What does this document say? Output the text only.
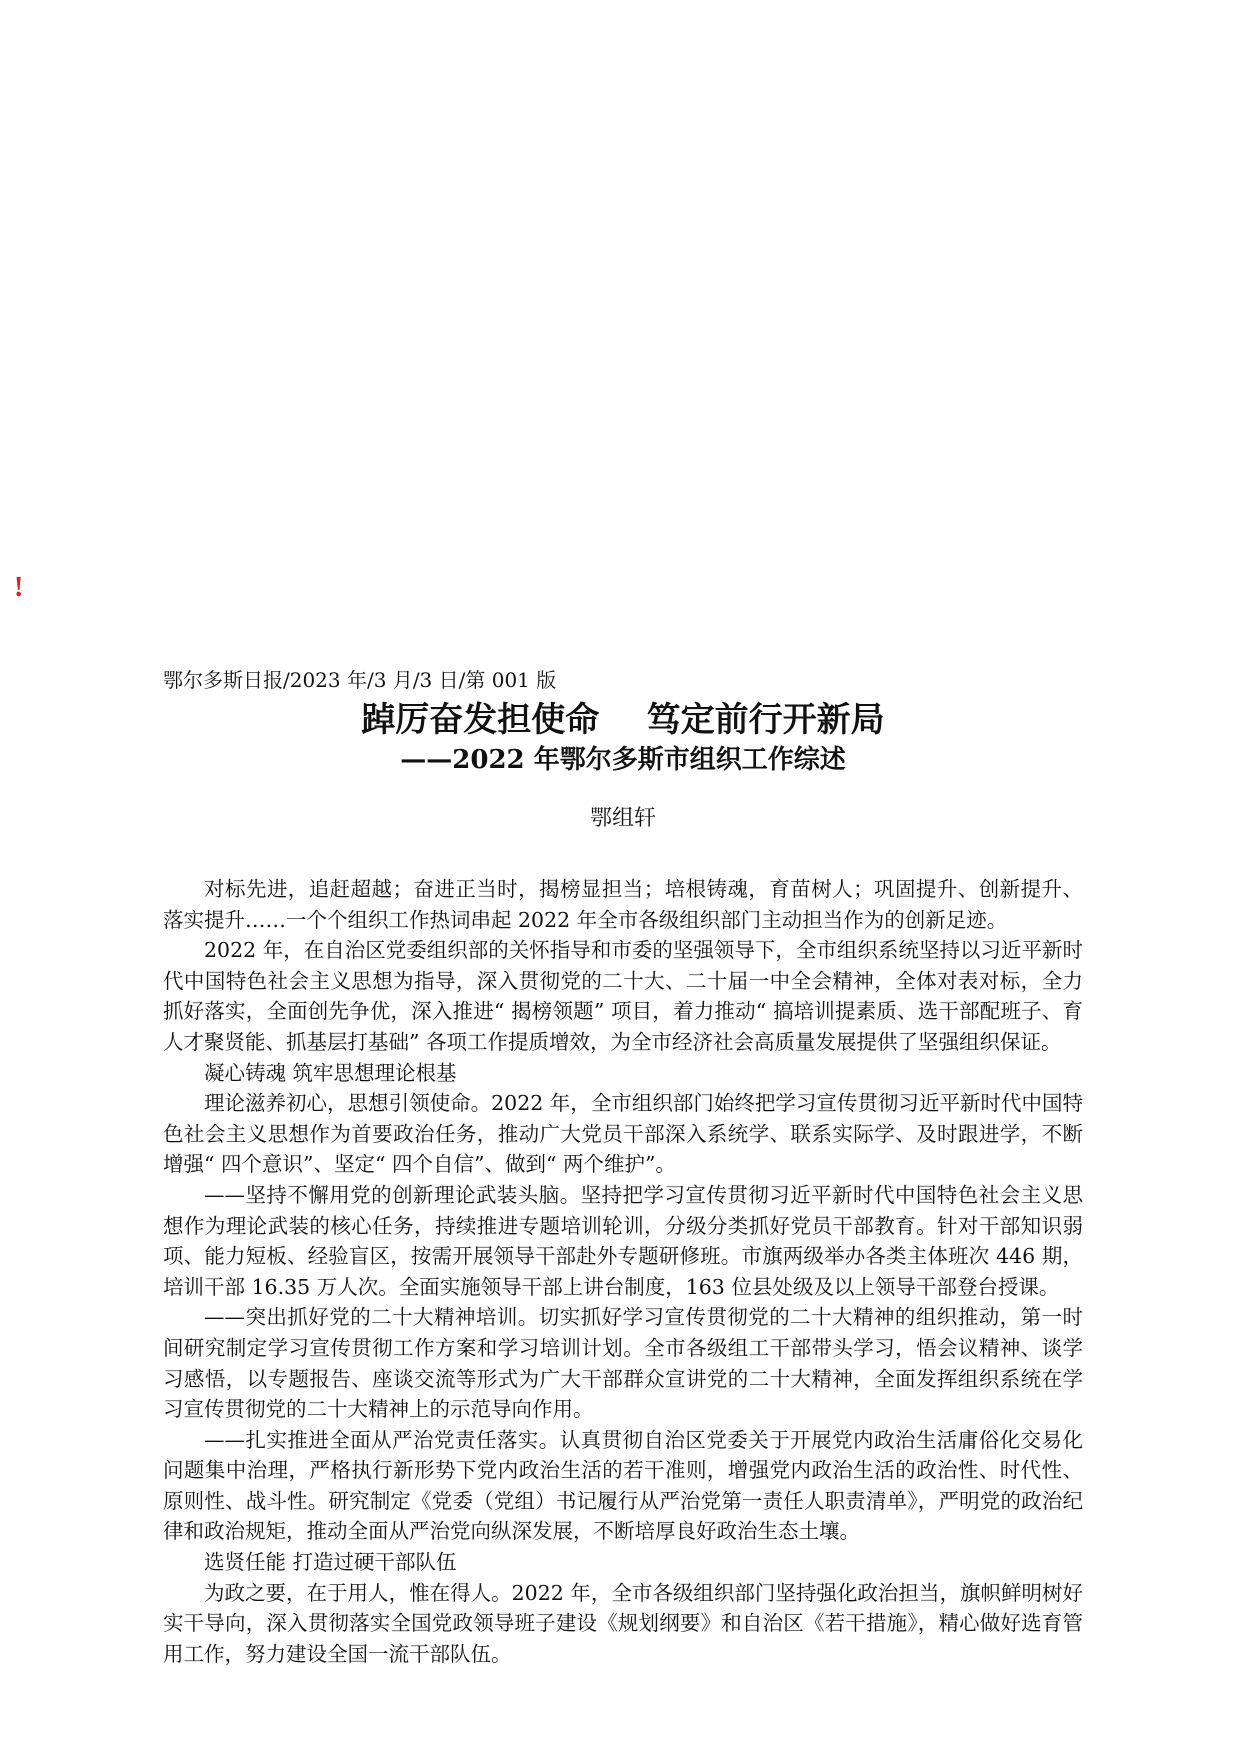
!

鄂尔多斯日报/2023 年/3 月/3 日/第 001 版

踔厉奋发担使命    笃定前行开新局
——2022 年鄂尔多斯市组织工作综述

鄂组轩

对标先进，追赶超越；奋进正当时，揭榜显担当；培根铸魂，育苗树人；巩固提升、创新提升、落实提升……一个个组织工作热词串起 2022 年全市各级组织部门主动担当作为的创新足迹。

2022 年，在自治区党委组织部的关怀指导和市委的坚强领导下，全市组织系统坚持以习近平新时代中国特色社会主义思想为指导，深入贯彻党的二十大、二十届一中全会精神，全体对表对标，全力抓好落实，全面创先争优，深入推进“ 揭榜领题” 项目，着力推动“ 搞培训提素质、选干部配班子、育人才聚贤能、抓基层打基础” 各项工作提质增效，为全市经济社会高质量发展提供了坚强组织保证。

凝心铸魂 筑牢思想理论根基

理论滋养初心，思想引领使命。2022 年，全市组织部门始终把学习宣传贯彻习近平新时代中国特色社会主义思想作为首要政治任务，推动广大党员干部深入系统学、联系实际学、及时跟进学，不断增强“ 四个意识”、坚定“ 四个自信”、做到“ 两个维护”。

——坚持不懈用党的创新理论武装头脑。坚持把学习宣传贯彻习近平新时代中国特色社会主义思想作为理论武装的核心任务，持续推进专题培训轮训，分级分类抓好党员干部教育。针对干部知识弱项、能力短板、经验盲区，按需开展领导干部赴外专题研修班。市旗两级举办各类主体班次 446 期，培训干部 16.35 万人次。全面实施领导干部上讲台制度，163 位县处级及以上领导干部登台授课。

——突出抓好党的二十大精神培训。切实抓好学习宣传贯彻党的二十大精神的组织推动，第一时间研究制定学习宣传贯彻工作方案和学习培训计划。全市各级组工干部带头学习，悟会议精神、谈学习感悟，以专题报告、座谈交流等形式为广大干部群众宣讲党的二十大精神，全面发挥组织系统在学习宣传贯彻党的二十大精神上的示范导向作用。

——扎实推进全面从严治党责任落实。认真贯彻自治区党委关于开展党内政治生活庸俗化交易化问题集中治理，严格执行新形势下党内政治生活的若干准则，增强党内政治生活的政治性、时代性、原则性、战斗性。研究制定《党委（党组）书记履行从严治党第一责任人职责清单》，严明党的政治纪律和政治规矩，推动全面从严治党向纵深发展，不断培厚良好政治生态土壤。

选贤任能 打造过硬干部队伍

为政之要，在于用人，惟在得人。2022 年，全市各级组织部门坚持强化政治担当，旗帜鲜明树好实干导向，深入贯彻落实全国党政领导班子建设《规划纲要》和自治区《若干措施》，精心做好选育管用工作，努力建设全国一流干部队伍。
